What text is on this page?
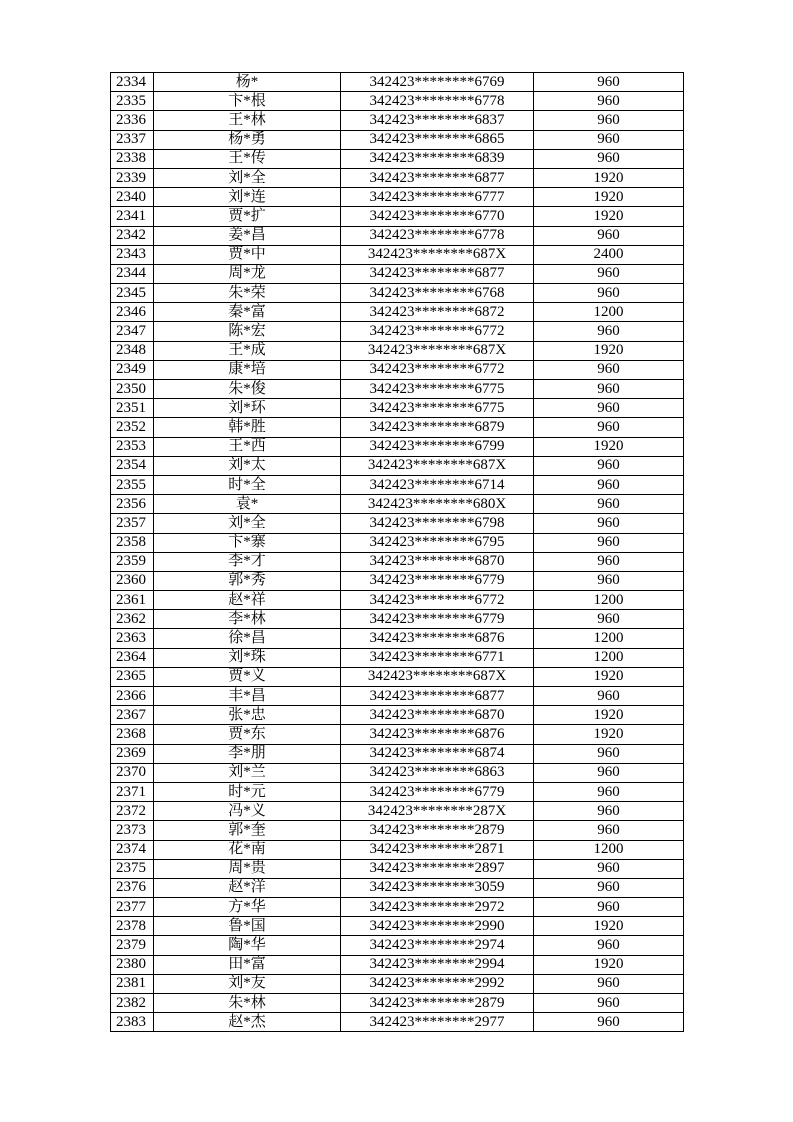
2334	杨*	342423********6769	960
2335	卞*根	342423********6778	960
2336	王*林	342423********6837	960
2337	杨*勇	342423********6865	960
2338	王*传	342423********6839	960
2339	刘*全	342423********6877	1920
2340	刘*连	342423********6777	1920
2341	贾*扩	342423********6770	1920
2342	姜*昌	342423********6778	960
2343	贾*中	342423********687X	2400
2344	周*龙	342423********6877	960
2345	朱*荣	342423********6768	960
2346	秦*富	342423********6872	1200
2347	陈*宏	342423********6772	960
2348	王*成	342423********687X	1920
2349	康*培	342423********6772	960
2350	朱*俊	342423********6775	960
2351	刘*环	342423********6775	960
2352	韩*胜	342423********6879	960
2353	王*西	342423********6799	1920
2354	刘*太	342423********687X	960
2355	时*全	342423********6714	960
2356	袁*	342423********680X	960
2357	刘*全	342423********6798	960
2358	卞*寨	342423********6795	960
2359	李*才	342423********6870	960
2360	郭*秀	342423********6779	960
2361	赵*祥	342423********6772	1200
2362	李*林	342423********6779	960
2363	徐*昌	342423********6876	1200
2364	刘*珠	342423********6771	1200
2365	贾*义	342423********687X	1920
2366	丰*昌	342423********6877	960
2367	张*忠	342423********6870	1920
2368	贾*东	342423********6876	1920
2369	李*朋	342423********6874	960
2370	刘*兰	342423********6863	960
2371	时*元	342423********6779	960
2372	冯*义	342423********287X	960
2373	郭*奎	342423********2879	960
2374	花*南	342423********2871	1200
2375	周*贵	342423********2897	960
2376	赵*洋	342423********3059	960
2377	方*华	342423********2972	960
2378	鲁*国	342423********2990	1920
2379	陶*华	342423********2974	960
2380	田*富	342423********2994	1920
2381	刘*友	342423********2992	960
2382	朱*林	342423********2879	960
2383	赵*杰	342423********2977	960
